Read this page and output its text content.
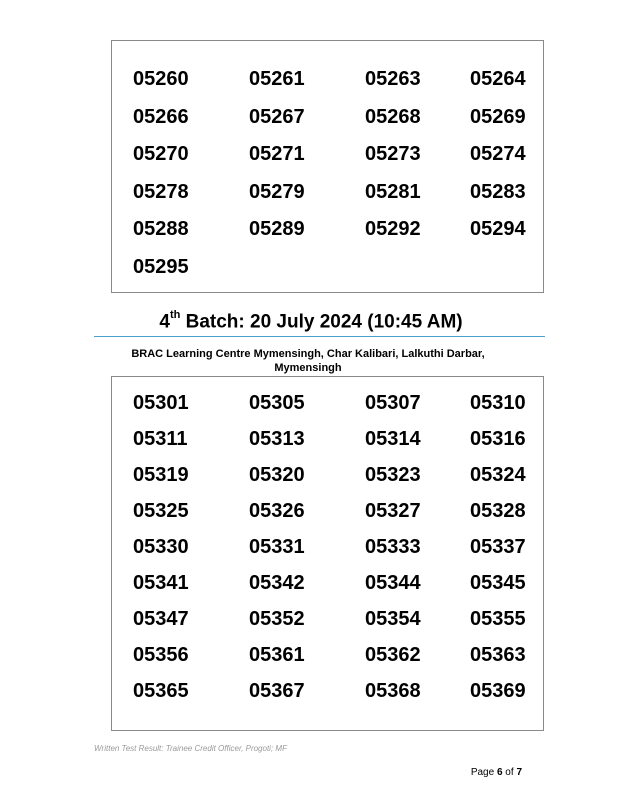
05260	05261	05263 05264
05266	05267	05268 05269
05270	05271	05273 05274
05278	05279	05281 05283
05288	05289	05292 05294
05295
4th Batch: 20 July 2024 (10:45 AM)
BRAC Learning Centre Mymensingh, Char Kalibari, Lalkuthi Darbar,
Mymensingh
05301	05305	05307 05310
05311	05313	05314 05316
05319	05320	05323 05324
05325	05326	05327 05328
05330	05331	05333 05337
05341	05342	05344 05345
05347	05352	05354 05355
05356	05361	05362 05363
05365	05367	05368 05369
Written Test Result: Trainee Credit Officer, Progoti; MF
Page 6 of 7
